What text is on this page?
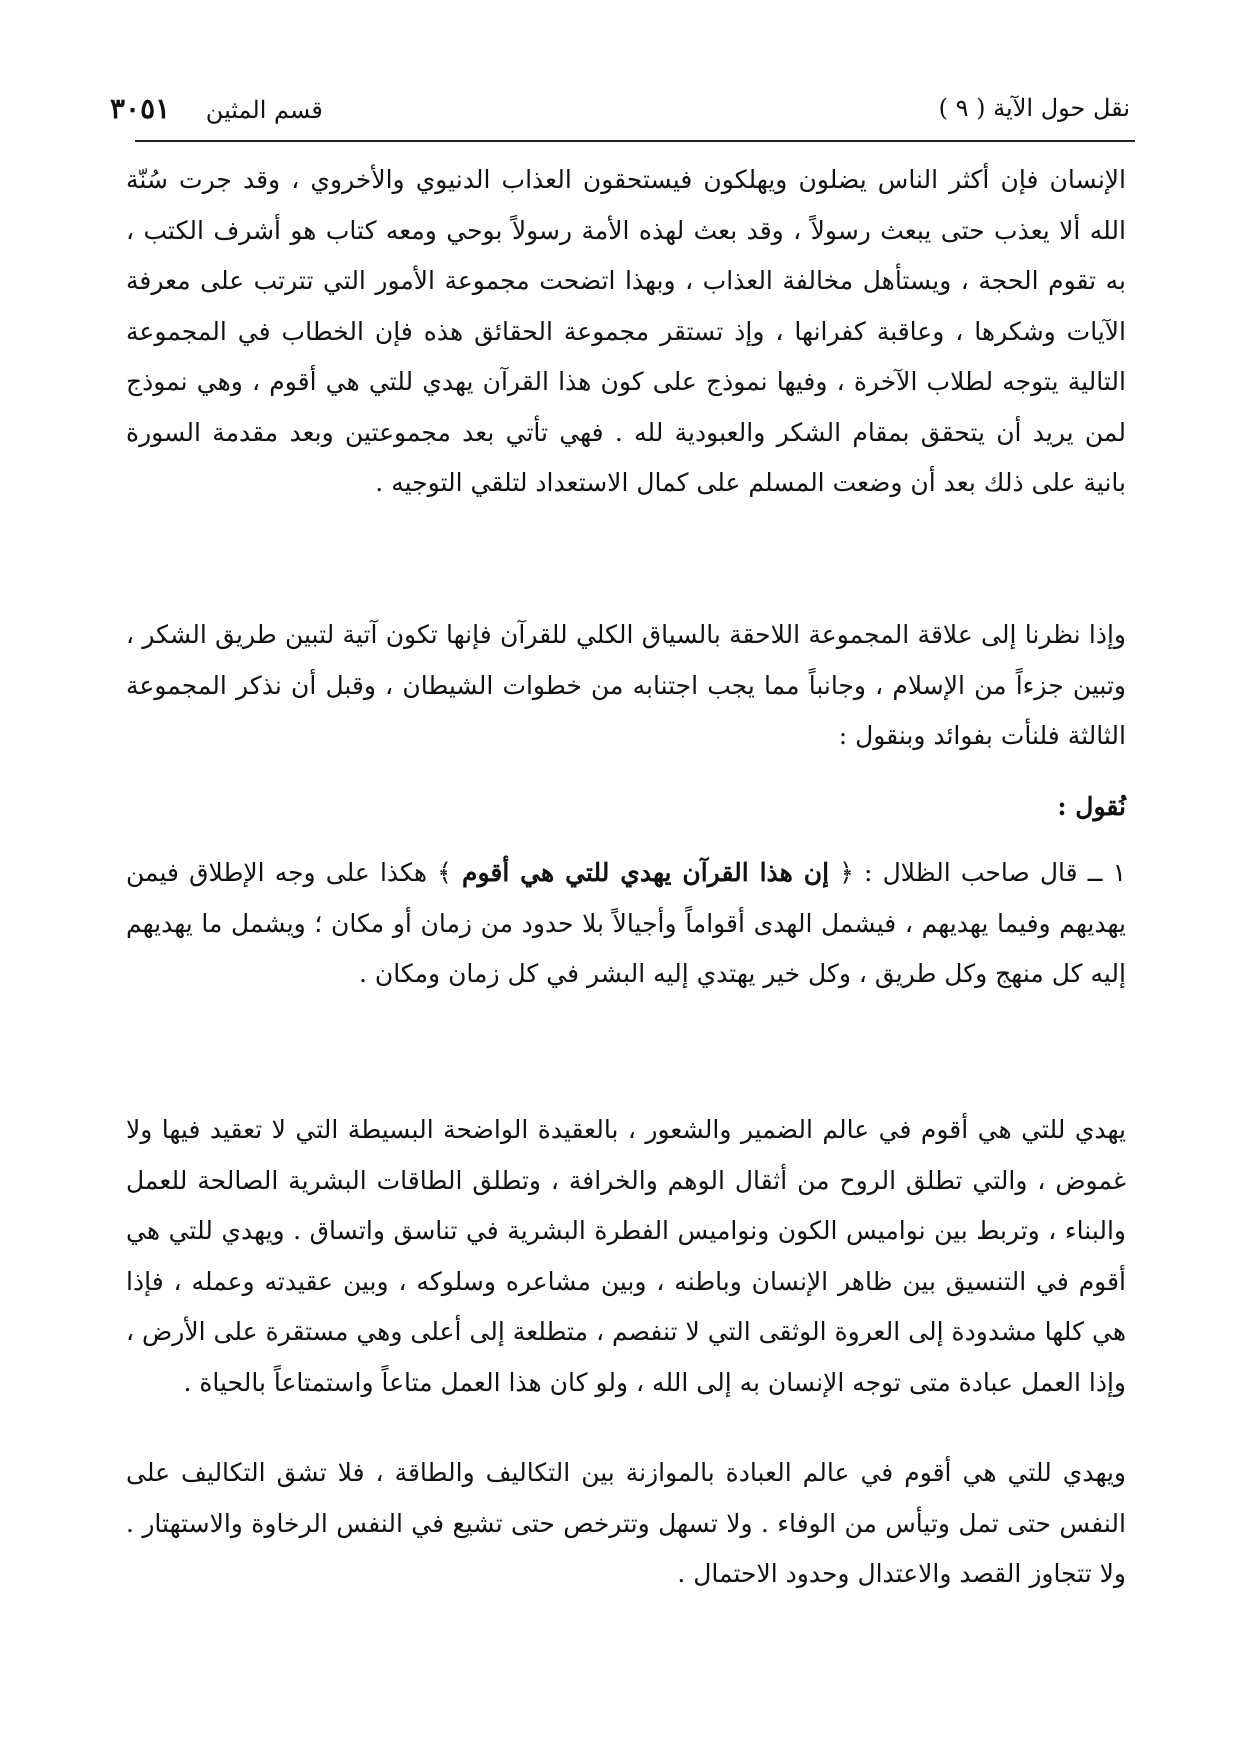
نقل حول الآية ( ٩ )
قسم المثين ٣٠٥١

الإنسان فإن أكثر الناس يضلون ويهلكون فيستحقون العذاب الدنيوي والأخروي ، وقد جرت سُنّة الله ألا يعذب حتى يبعث رسولاً ، وقد بعث لهذه الأمة رسولاً بوحي ومعه كتاب هو أشرف الكتب ، به تقوم الحجة ، ويستأهل مخالفة العذاب ، وبهذا اتضحت مجموعة الأمور التي تترتب على معرفة الآيات وشكرها ، وعاقبة كفرانها ، وإذ تستقر مجموعة الحقائق هذه فإن الخطاب في المجموعة التالية يتوجه لطلاب الآخرة ، وفيها نموذج على كون هذا القرآن يهدي للتي هي أقوم ، وهي نموذج لمن يريد أن يتحقق بمقام الشكر والعبودية لله . فهي تأتي بعد مجموعتين وبعد مقدمة السورة بانية على ذلك بعد أن وضعت المسلم على كمال الاستعداد لتلقي التوجيه .

وإذا نظرنا إلى علاقة المجموعة اللاحقة بالسياق الكلي للقرآن فإنها تكون آتية لتبين طريق الشكر ، وتبين جزءاً من الإسلام ، وجانباً مما يجب اجتنابه من خطوات الشيطان ، وقبل أن نذكر المجموعة الثالثة فلنأت بفوائد وبنقول :

نُقول :

١ ــ قال صاحب الظلال : ﴿ إن هذا القرآن يهدي للتي هي أقوم ﴾ هكذا على وجه الإطلاق فيمن يهديهم وفيما يهديهم ، فيشمل الهدى أقواماً وأجيالاً بلا حدود من زمان أو مكان ؛ ويشمل ما يهديهم إليه كل منهج وكل طريق ، وكل خير يهتدي إليه البشر في كل زمان ومكان .

يهدي للتي هي أقوم في عالم الضمير والشعور ، بالعقيدة الواضحة البسيطة التي لا تعقيد فيها ولا غموض ، والتي تطلق الروح من أثقال الوهم والخرافة ، وتطلق الطاقات البشرية الصالحة للعمل والبناء ، وتربط بين نواميس الكون ونواميس الفطرة البشرية في تناسق واتساق . ويهدي للتي هي أقوم في التنسيق بين ظاهر الإنسان وباطنه ، وبين مشاعره وسلوكه ، وبين عقيدته وعمله ، فإذا هي كلها مشدودة إلى العروة الوثقى التي لا تنفصم ، متطلعة إلى أعلى وهي مستقرة على الأرض ، وإذا العمل عبادة متى توجه الإنسان به إلى الله ، ولو كان هذا العمل متاعاً واستمتاعاً بالحياة .

ويهدي للتي هي أقوم في عالم العبادة بالموازنة بين التكاليف والطاقة ، فلا تشق التكاليف على النفس حتى تمل وتيأس من الوفاء . ولا تسهل وتترخص حتى تشيع في النفس الرخاوة والاستهتار . ولا تتجاوز القصد والاعتدال وحدود الاحتمال .
